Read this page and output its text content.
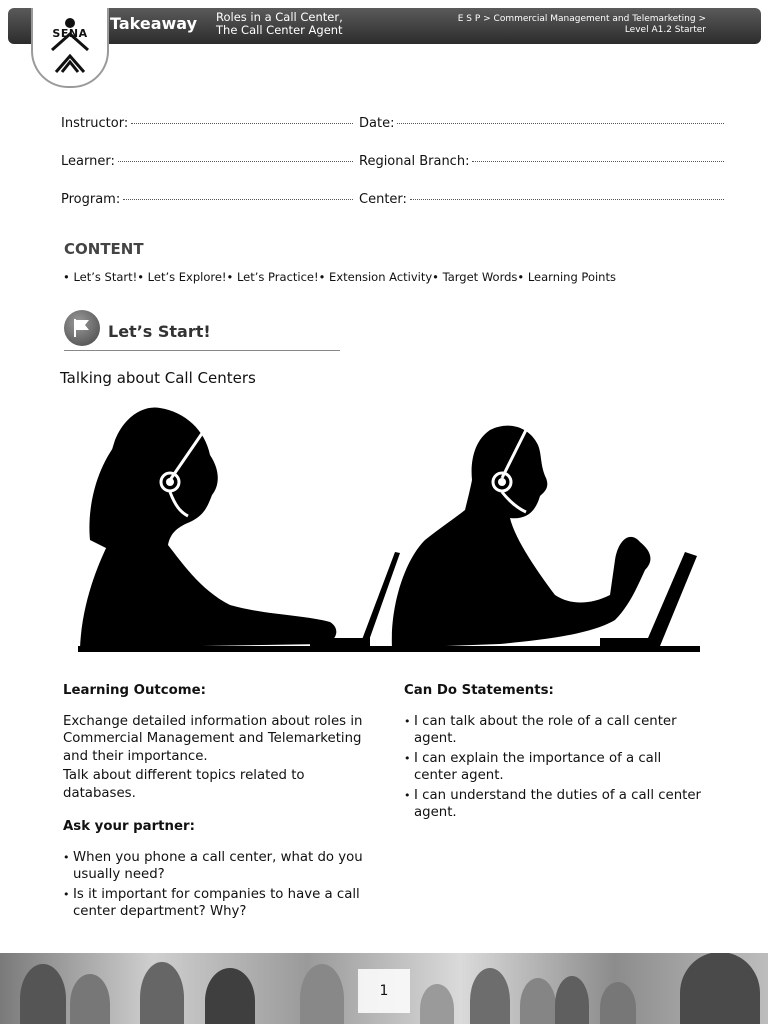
Takeaway Roles in a Call Center,
The Call Center Agent
E S P > Commercial Management and Telemarketing >
Level A1.2 Starter
SENA
Instructor:	Date:
Learner:	Regional Branch:
Program:	Center:
CONTENT
• Let’s Start! • Let’s Explore! • Let’s Practice! • Extension Activity • Target Words • Learning Points
Let’s Start!
Talking about Call Centers
Learning Outcome:

Exchange detailed information about roles in Commercial Management and Telemarketing and their importance.

Talk about different topics related to databases.

Ask your partner:
• When you phone a call center, what do you usually need?
• Is it important for companies to have a call center department? Why?
Can Do Statements:
• I can talk about the role of a call center agent.
• I can explain the importance of a call center agent.
• I can understand the duties of a call center agent.
1
